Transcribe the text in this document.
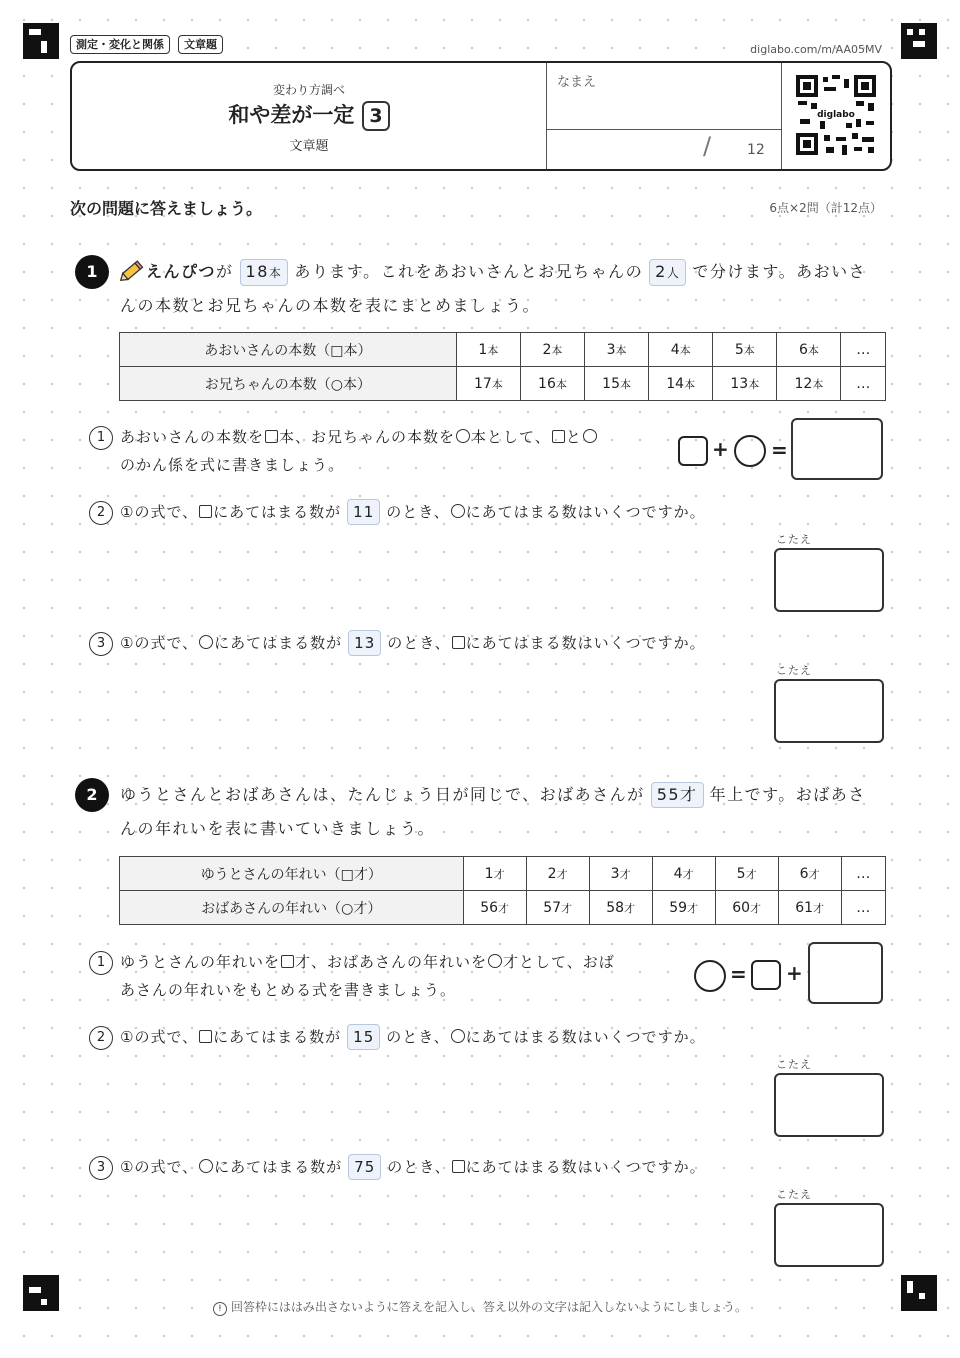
測定・変化と関係	文章題	diglabo.com/m/AA05MV
変わり方調べ
和や差が一定 3
文章題
なまえ
/	12
diglabo
次の問題に答えましょう。	6点×2問（計12点）
1	えんぴつが 18本 あります。これをあおいさんとお兄ちゃんの 2人 で分けます。あおいさ
んの本数とお兄ちゃんの本数を表にまとめましょう。
あおいさんの本数（□本）	1本	2本	3本	4本	5本	6本	…
お兄ちゃんの本数（○本）	17本	16本	15本	14本	13本	12本	…
1 あおいさんの本数を 本、お兄ちゃんの本数を 本として、 と
のかん係を式に書きましょう。
+ =
2 ①の式で、 にあてはまる数が 11 のとき、 にあてはまる数はいくつですか。
こたえ
3 ①の式で、 にあてはまる数が 13 のとき、 にあてはまる数はいくつですか。
こたえ
2	ゆうとさんとおばあさんは、たんじょう日が同じで、おばあさんが 55才 年上です。おばあさ
んの年れいを表に書いていきましょう。
ゆうとさんの年れい（□才）	1才	2才	3才	4才	5才	6才	…
おばあさんの年れい（○才）	56才	57才	58才	59才	60才	61才	…
1 ゆうとさんの年れいを 才、おばあさんの年れいを 才として、おば
あさんの年れいをもとめる式を書きましょう。
= +
2 ①の式で、 にあてはまる数が 15 のとき、 にあてはまる数はいくつですか。
こたえ
3 ①の式で、 にあてはまる数が 75 のとき、 にあてはまる数はいくつですか。
こたえ
! 回答枠にははみ出さないように答えを記入し、答え以外の文字は記入しないようにしましょう。
